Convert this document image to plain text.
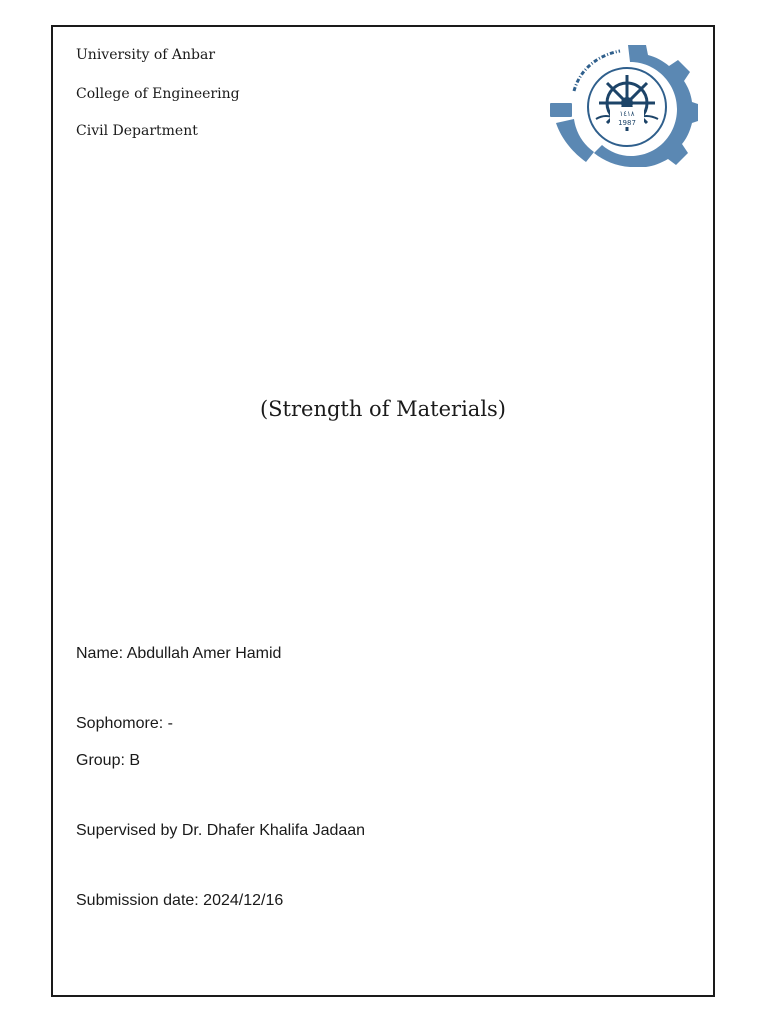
University of Anbar
College of Engineering
Civil Department
١٤١٨
1987
(Strength of Materials)
Name: Abdullah Amer Hamid
Sophomore: -
Group: B
Supervised by Dr. Dhafer Khalifa Jadaan
Submission date: 2024/12/16
